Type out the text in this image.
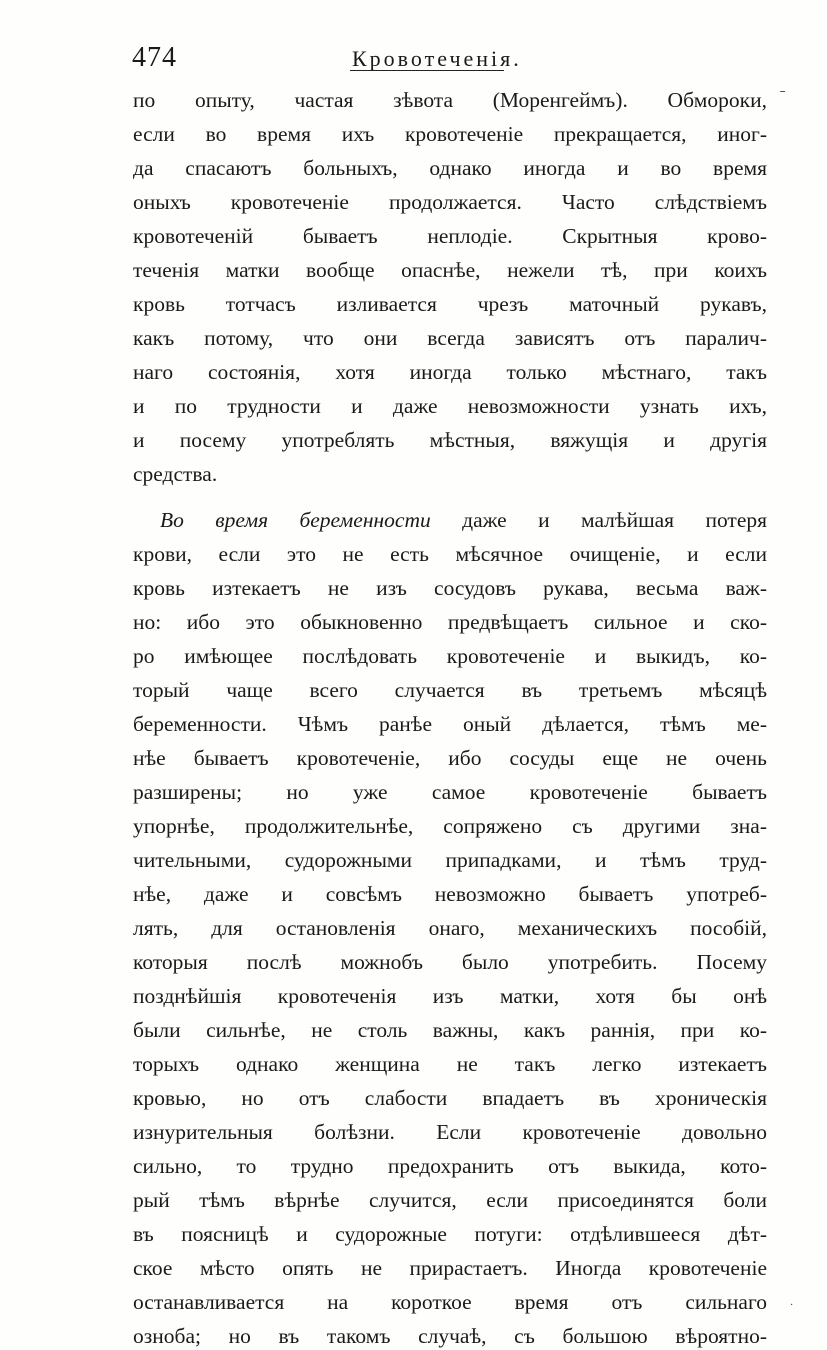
474	Кровотеченiя.
по опыту, частая зѣвота (Моренгеймъ). Обмороки,
если во время ихъ кровотеченiе прекращается, иног-
да спасаютъ больныхъ, однако иногда и во время
оныхъ кровотеченiе продолжается. Часто слѣдствiемъ
кровотеченiй бываетъ неплодiе. Скрытныя крово-
теченiя матки вообще опаснѣе, нежели тѣ, при коихъ
кровь тотчасъ изливается чрезъ маточный рукавъ,
какъ потому, что они всегда зависятъ отъ паралич-
наго состоянiя, хотя иногда только мѣстнаго, такъ
и по трудности и даже невозможности узнать ихъ,
и посему употреблять мѣстныя, вяжущiя и другiя
средства.
Во время беременности даже и малѣйшая потеря
крови, если это не есть мѣсячное очищенiе, и если
кровь изтекаетъ не изъ сосудовъ рукава, весьма важ-
но: ибо это обыкновенно предвѣщаетъ сильное и ско-
ро имѣющее послѣдовать кровотеченiе и выкидъ, ко-
торый чаще всего случается въ третьемъ мѣсяцѣ
беременности. Чѣмъ ранѣе оный дѣлается, тѣмъ ме-
нѣе бываетъ кровотеченiе, ибо сосуды еще не очень
разширены; но уже самое кровотеченiе бываетъ
упорнѣе, продолжительнѣе, сопряжено съ другими зна-
чительными, судорожными припадками, и тѣмъ труд-
нѣе, даже и совсѣмъ невозможно бываетъ употреб-
лять, для остановленiя онаго, механическихъ пособiй,
которыя послѣ можнобъ было употребить. Посему
позднѣйшiя кровотеченiя изъ матки, хотя бы онѣ
были сильнѣе, не столь важны, какъ раннiя, при ко-
торыхъ однако женщина не такъ легко изтекаетъ
кровью, но отъ слабости впадаетъ въ хроническiя
изнурительныя болѣзни. Если кровотеченiе довольно
сильно, то трудно предохранить отъ выкида, кото-
рый тѣмъ вѣрнѣе случится, если присоединятся боли
въ поясницѣ и судорожные потуги: отдѣлившееся дѣт-
ское мѣсто опять не прирастаетъ. Иногда кровотеченiе
останавливается на короткое время отъ сильнаго
озноба; но въ такомъ случаѣ, съ большою вѣроятно-
ˉ
·
